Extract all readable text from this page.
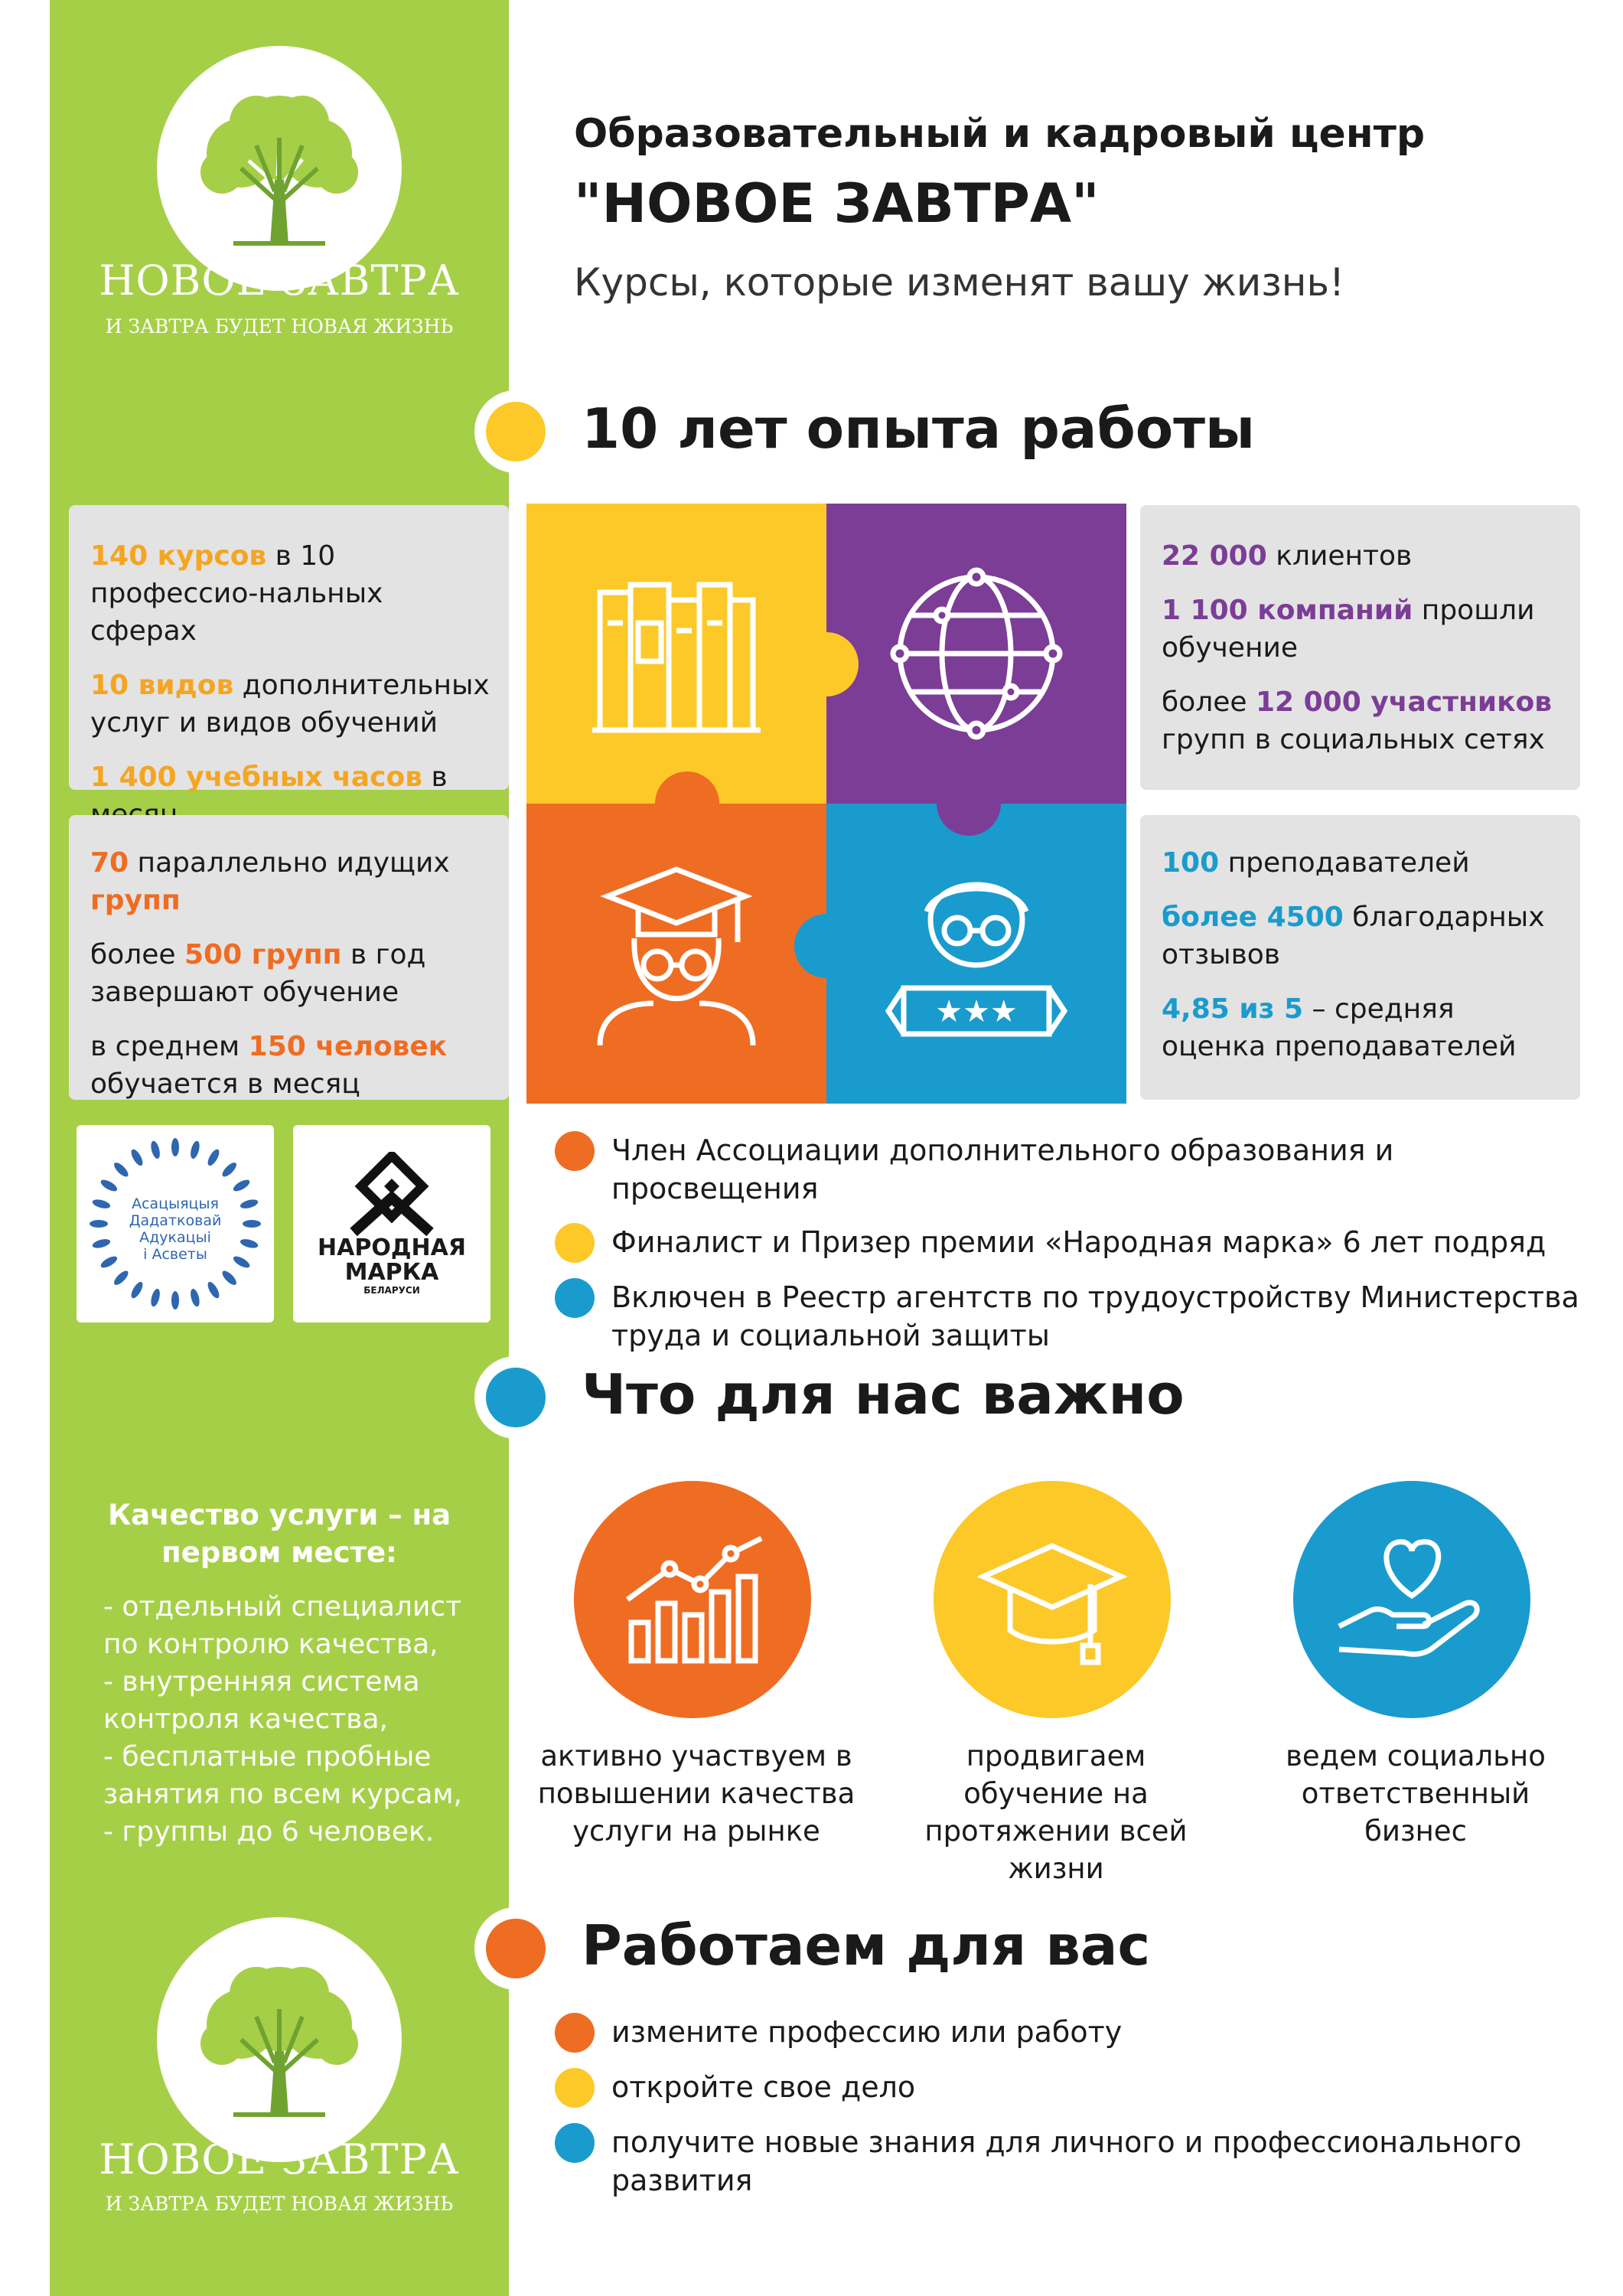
НОВОЕ ЗАВТРА
И ЗАВТРА БУДЕТ НОВАЯ ЖИЗНЬ
Образовательный и кадровый центр
"НОВОЕ ЗАВТРА"
Курсы, которые изменят вашу жизнь!
10 лет опыта работы
140 курсов в 10 профессио-нальных сферах
10 видов дополнительных услуг и видов обучений
1 400 учебных часов в
70 параллельно идущих групп
более 500 групп в год завершают обучение
в среднем 150 человек обучается в месяц
★★★
22 000 клиентов
1 100 компаний прошли обучение
более 12 000 участников групп в социальных сетях
100 преподавателей
более 4500 благодарных отзывов
4,85 из 5 – средняя оценка преподавателей
Асацыяцыя Дадатковай Адукацыі і Асветы	НАРОДНАЯ
МАРКА
БЕЛАРУСИ
Член Ассоциации дополнительного образования и просвещения
Финалист и Призер премии «Народная марка» 6 лет подряд
Включен в Реестр агентств по трудоустройству Министерства труда и социальной защиты
Что для нас важно
Качество услуги – на первом месте:
- отдельный специалист по контролю качества,
- внутренняя система контроля качества,
- бесплатные пробные занятия по всем курсам,
- группы до 6 человек.
активно участвуем в повышении качества услуги на рынке
продвигаем обучение на протяжении всей жизни
ведем социально ответственный бизнес
Работаем для вас
измените профессию или работу
откройте свое дело
получите новые знания для личного и профессионального развития
НОВОЕ ЗАВТРА
И ЗАВТРА БУДЕТ НОВАЯ ЖИЗНЬ
